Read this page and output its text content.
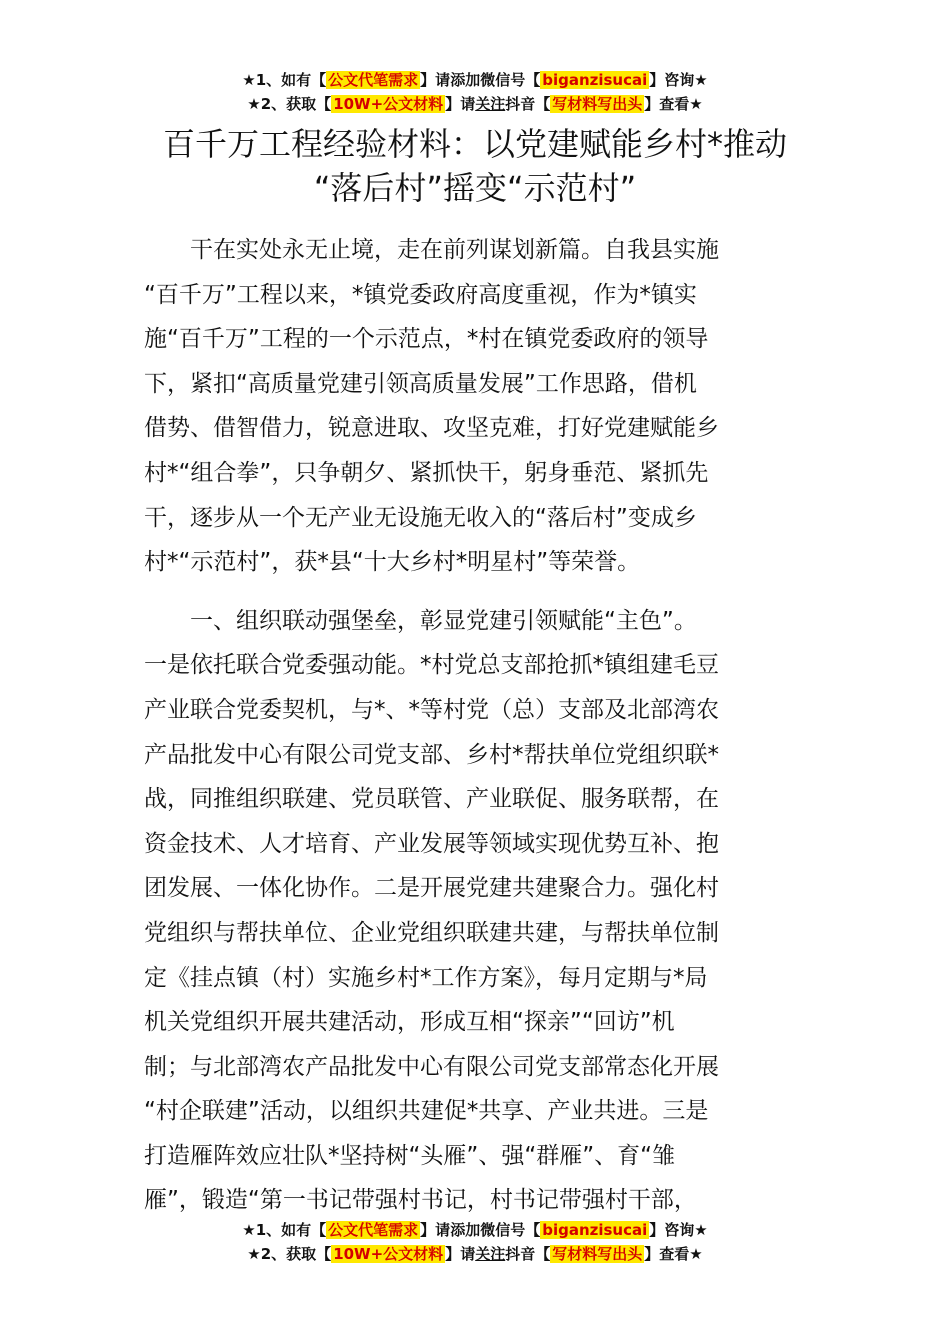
★1、如有【 公文代笔需求 】请添加微信号【 biganzisucai 】咨询★
★2、获取【 10W+公文材料 】请关注抖音【 写材料写出头 】查看★
百千万工程经验材料：以党建赋能乡村*推动
“落后村”摇变“示范村”

干在实处永无止境，走在前列谋划新篇。自我县实施
“百千万”工程以来，*镇党委政府高度重视，作为*镇实
施“百千万”工程的一个示范点，*村在镇党委政府的领导
下，紧扣“高质量党建引领高质量发展”工作思路，借机
借势、借智借力，锐意进取、攻坚克难，打好党建赋能乡
村*“组合拳”，只争朝夕、紧抓快干，躬身垂范、紧抓先
干，逐步从一个无产业无设施无收入的“落后村”变成乡
村*“示范村”，获*县“十大乡村*明星村”等荣誉。

一、组织联动强堡垒，彰显党建引领赋能“主色”。
一是依托联合党委强动能。*村党总支部抢抓*镇组建毛豆
产业联合党委契机，与*、*等村党（总）支部及北部湾农
产品批发中心有限公司党支部、乡村*帮扶单位党组织联*
战，同推组织联建、党员联管、产业联促、服务联帮，在
资金技术、人才培育、产业发展等领域实现优势互补、抱
团发展、一体化协作。二是开展党建共建聚合力。强化村
党组织与帮扶单位、企业党组织联建共建，与帮扶单位制
定《挂点镇（村）实施乡村*工作方案》，每月定期与*局
机关党组织开展共建活动，形成互相“探亲”“回访”机
制；与北部湾农产品批发中心有限公司党支部常态化开展
“村企联建”活动，以组织共建促*共享、产业共进。三是
打造雁阵效应壮队*坚持树“头雁”、强“群雁”、育“雏
雁”，锻造“第一书记带强村书记，村书记带强村干部，

★1、如有【 公文代笔需求 】请添加微信号【 biganzisucai 】咨询★
★2、获取【 10W+公文材料 】请关注抖音【 写材料写出头 】查看★
